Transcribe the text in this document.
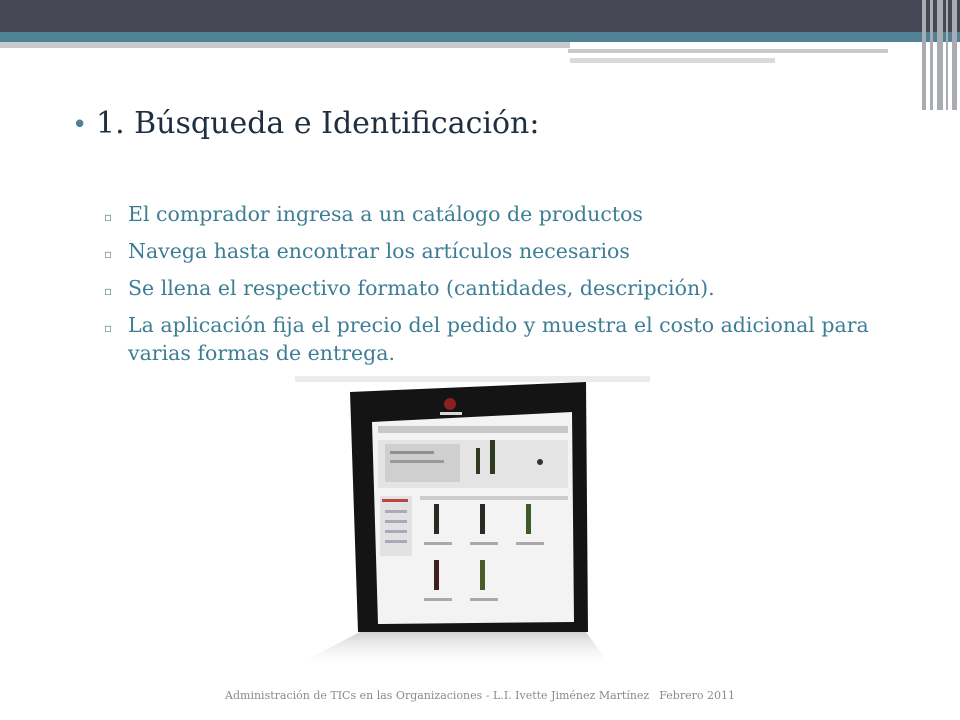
• 1. Búsqueda e Identificación:
▫ El comprador ingresa a un catálogo de productos
▫ Navega hasta encontrar los artículos necesarios
▫ Se llena el respectivo formato (cantidades, descripción).
▫ La aplicación fija el precio del pedido y muestra el costo adicional para varias formas de entrega.
Administración de TICs en las Organizaciones - L.I. Ivette Jiménez Martínez Febrero 2011
